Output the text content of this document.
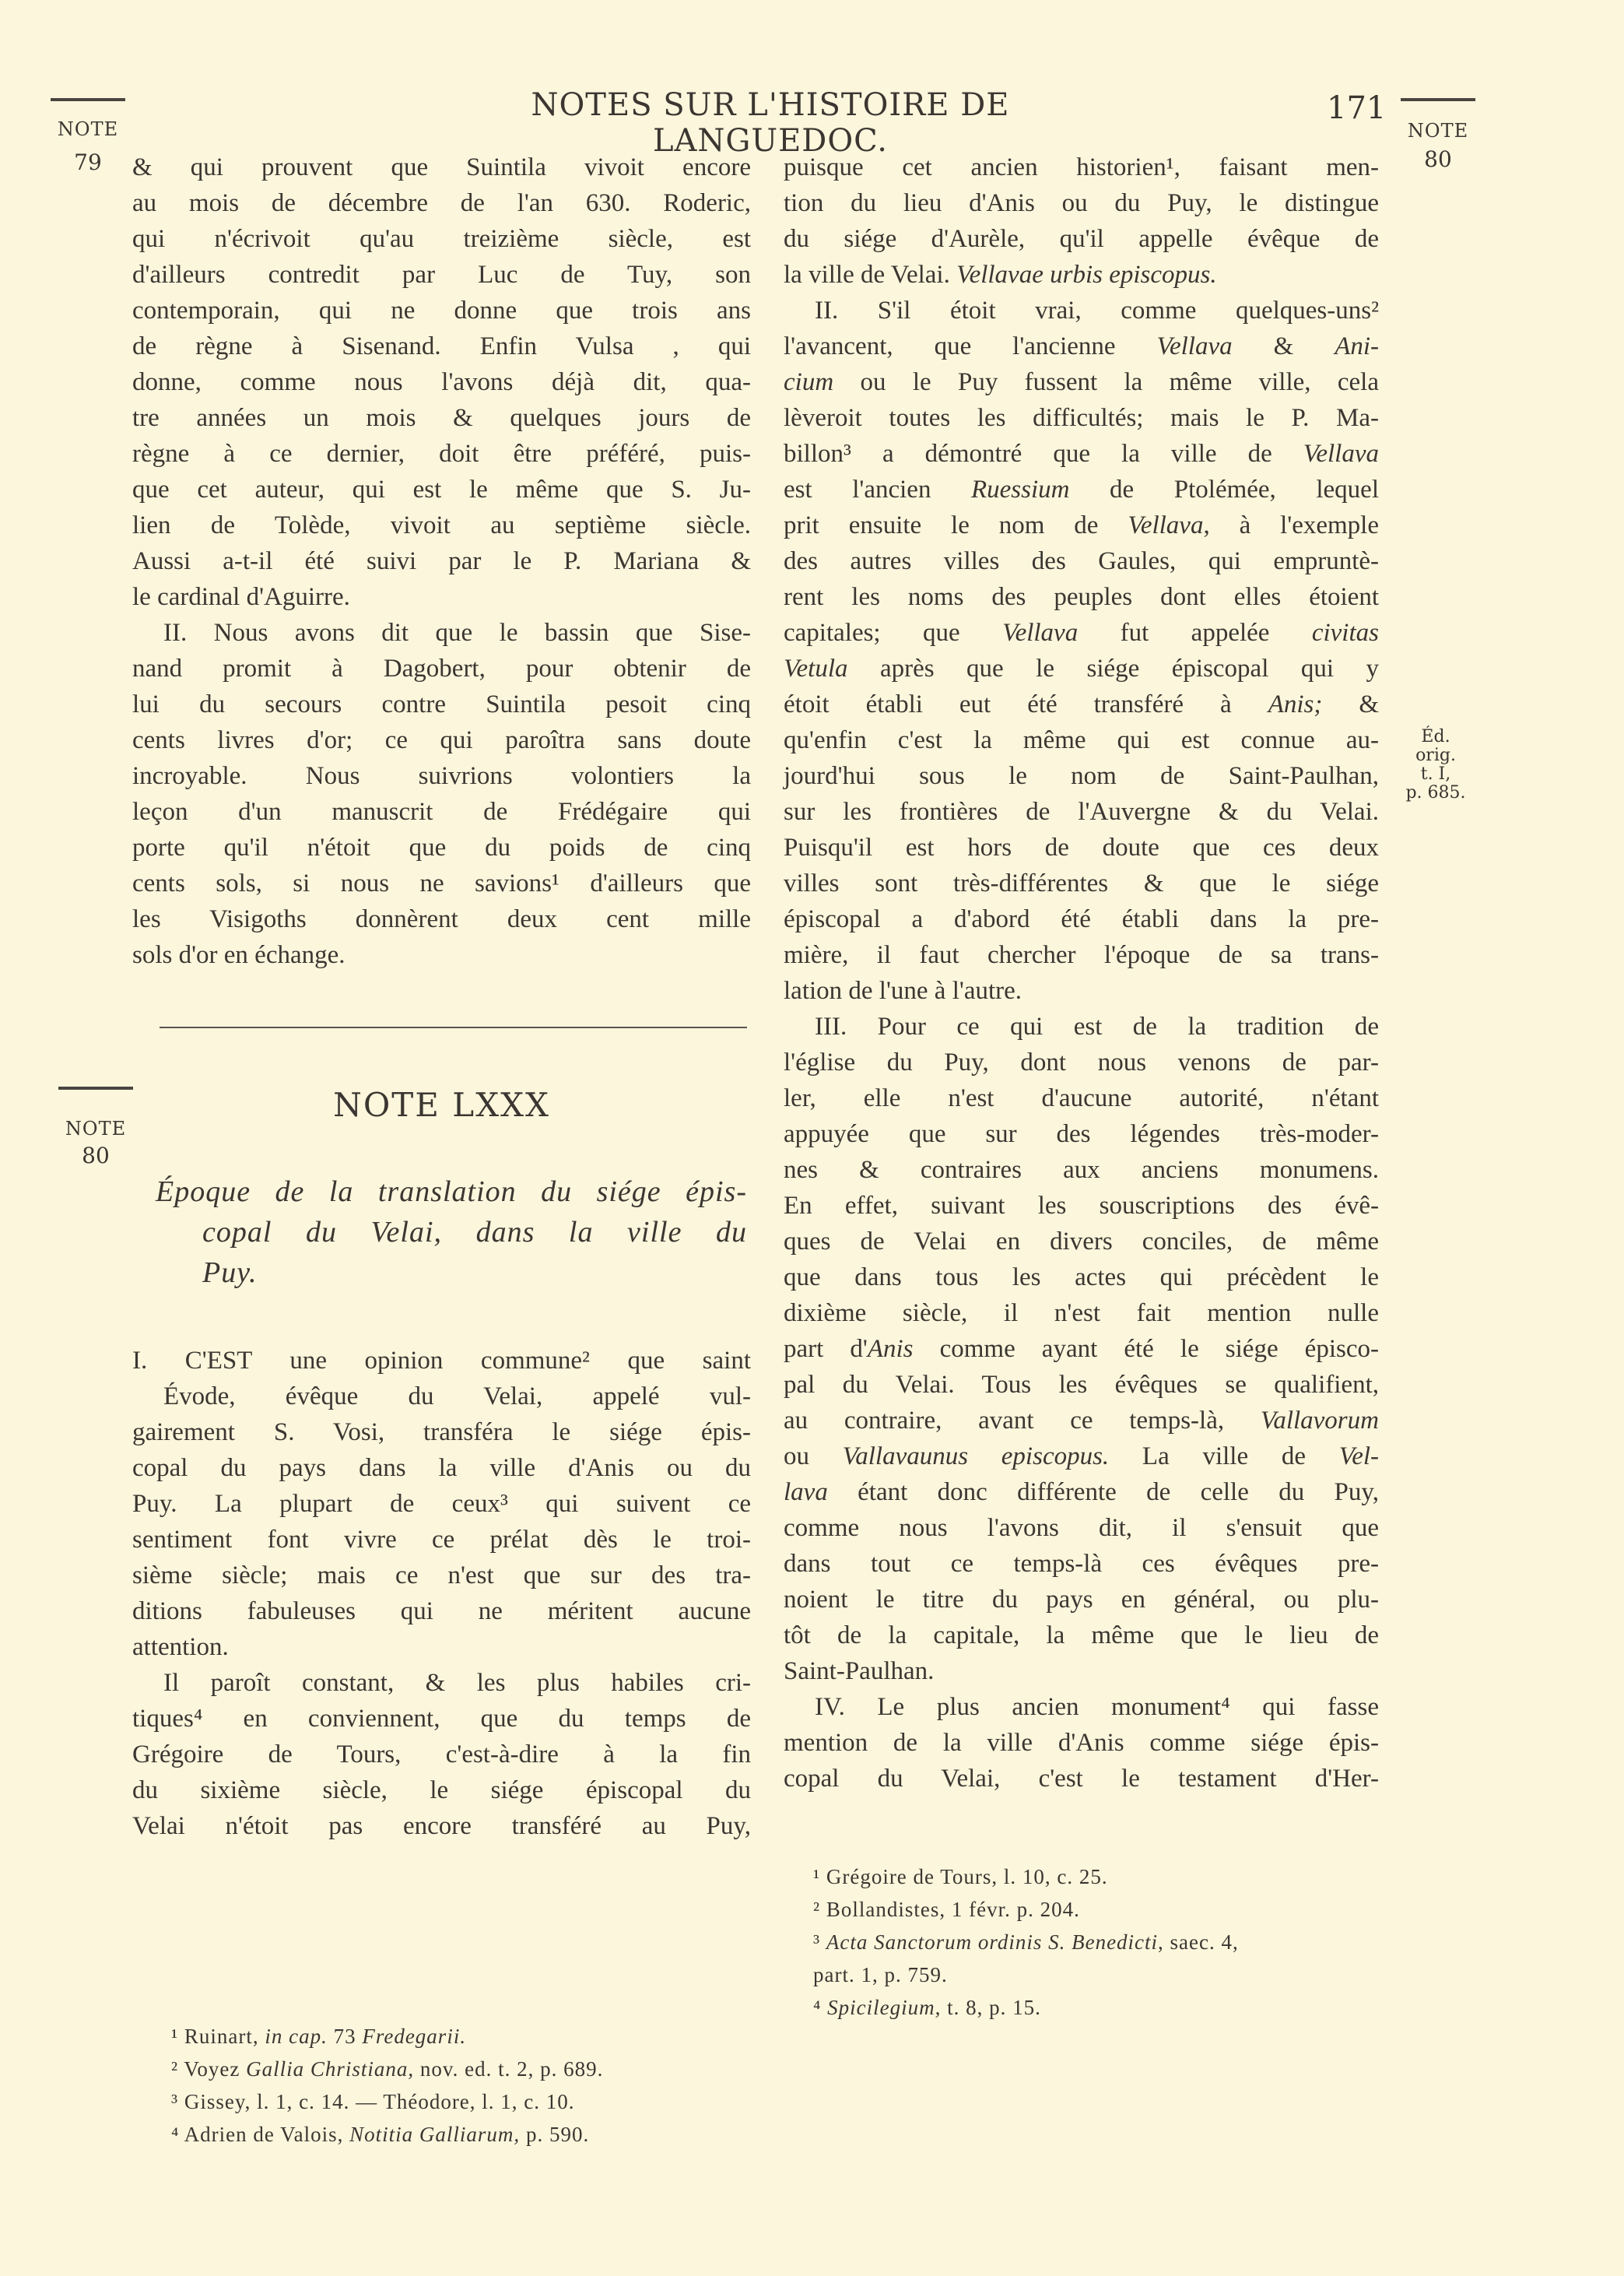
NOTES SUR L'HISTOIRE DE LANGUEDOC.
171
NOTE
79
NOTE
80
NOTE
80
Éd. orig.
t. I,
p. 685.
& qui prouvent que Suintila vivoit encore
au mois de décembre de l'an 630. Roderic,
qui n'écrivoit qu'au treizième siècle, est
d'ailleurs contredit par Luc de Tuy, son
contemporain, qui ne donne que trois ans
de règne à Sisenand. Enfin Vulsa , qui
donne, comme nous l'avons déjà dit, qua-
tre années un mois & quelques jours de
règne à ce dernier, doit être préféré, puis-
que cet auteur, qui est le même que S. Ju-
lien de Tolède, vivoit au septième siècle.
Aussi a-t-il été suivi par le P. Mariana &
le cardinal d'Aguirre.
II. Nous avons dit que le bassin que Sise-
nand promit à Dagobert, pour obtenir de
lui du secours contre Suintila pesoit cinq
cents livres d'or; ce qui paroîtra sans doute
incroyable. Nous suivrions volontiers la
leçon d'un manuscrit de Frédégaire qui
porte qu'il n'étoit que du poids de cinq
cents sols, si nous ne savions¹ d'ailleurs que
les Visigoths donnèrent deux cent mille
sols d'or en échange.
NOTE LXXX
Époque de la translation du siége épis-
copal du Velai, dans la ville du
Puy.
I. C'EST une opinion commune² que saint
Évode, évêque du Velai, appelé vul-
gairement S. Vosi, transféra le siége épis-
copal du pays dans la ville d'Anis ou du
Puy. La plupart de ceux³ qui suivent ce
sentiment font vivre ce prélat dès le troi-
sième siècle; mais ce n'est que sur des tra-
ditions fabuleuses qui ne méritent aucune
attention.
Il paroît constant, & les plus habiles cri-
tiques⁴ en conviennent, que du temps de
Grégoire de Tours, c'est-à-dire à la fin
du sixième siècle, le siége épiscopal du
Velai n'étoit pas encore transféré au Puy,
puisque cet ancien historien¹, faisant men-
tion du lieu d'Anis ou du Puy, le distingue
du siége d'Aurèle, qu'il appelle évêque de
la ville de Velai. Vellavae urbis episcopus.
II. S'il étoit vrai, comme quelques-uns²
l'avancent, que l'ancienne Vellava & Ani-
cium ou le Puy fussent la même ville, cela
lèveroit toutes les difficultés; mais le P. Ma-
billon³ a démontré que la ville de Vellava
est l'ancien Ruessium de Ptolémée, lequel
prit ensuite le nom de Vellava, à l'exemple
des autres villes des Gaules, qui empruntè-
rent les noms des peuples dont elles étoient
capitales; que Vellava fut appelée civitas
Vetula après que le siége épiscopal qui y
étoit établi eut été transféré à Anis; &
qu'enfin c'est la même qui est connue au-
jourd'hui sous le nom de Saint-Paulhan,
sur les frontières de l'Auvergne & du Velai.
Puisqu'il est hors de doute que ces deux
villes sont très-différentes & que le siége
épiscopal a d'abord été établi dans la pre-
mière, il faut chercher l'époque de sa trans-
lation de l'une à l'autre.
III. Pour ce qui est de la tradition de
l'église du Puy, dont nous venons de par-
ler, elle n'est d'aucune autorité, n'étant
appuyée que sur des légendes très-moder-
nes & contraires aux anciens monumens.
En effet, suivant les souscriptions des évê-
ques de Velai en divers conciles, de même
que dans tous les actes qui précèdent le
dixième siècle, il n'est fait mention nulle
part d'Anis comme ayant été le siége épisco-
pal du Velai. Tous les évêques se qualifient,
au contraire, avant ce temps-là, Vallavorum
ou Vallavaunus episcopus. La ville de Vel-
lava étant donc différente de celle du Puy,
comme nous l'avons dit, il s'ensuit que
dans tout ce temps-là ces évêques pre-
noient le titre du pays en général, ou plu-
tôt de la capitale, la même que le lieu de
Saint-Paulhan.
IV. Le plus ancien monument⁴ qui fasse
mention de la ville d'Anis comme siége épis-
copal du Velai, c'est le testament d'Her-
¹ Ruinart, in cap. 73 Fredegarii.
² Voyez Gallia Christiana, nov. ed. t. 2, p. 689.
³ Gissey, l. 1, c. 14. — Théodore, l. 1, c. 10.
⁴ Adrien de Valois, Notitia Galliarum, p. 590.
¹ Grégoire de Tours, l. 10, c. 25.
² Bollandistes, 1 févr. p. 204.
³ Acta Sanctorum ordinis S. Benedicti, saec. 4,
part. 1, p. 759.
⁴ Spicilegium, t. 8, p. 15.
